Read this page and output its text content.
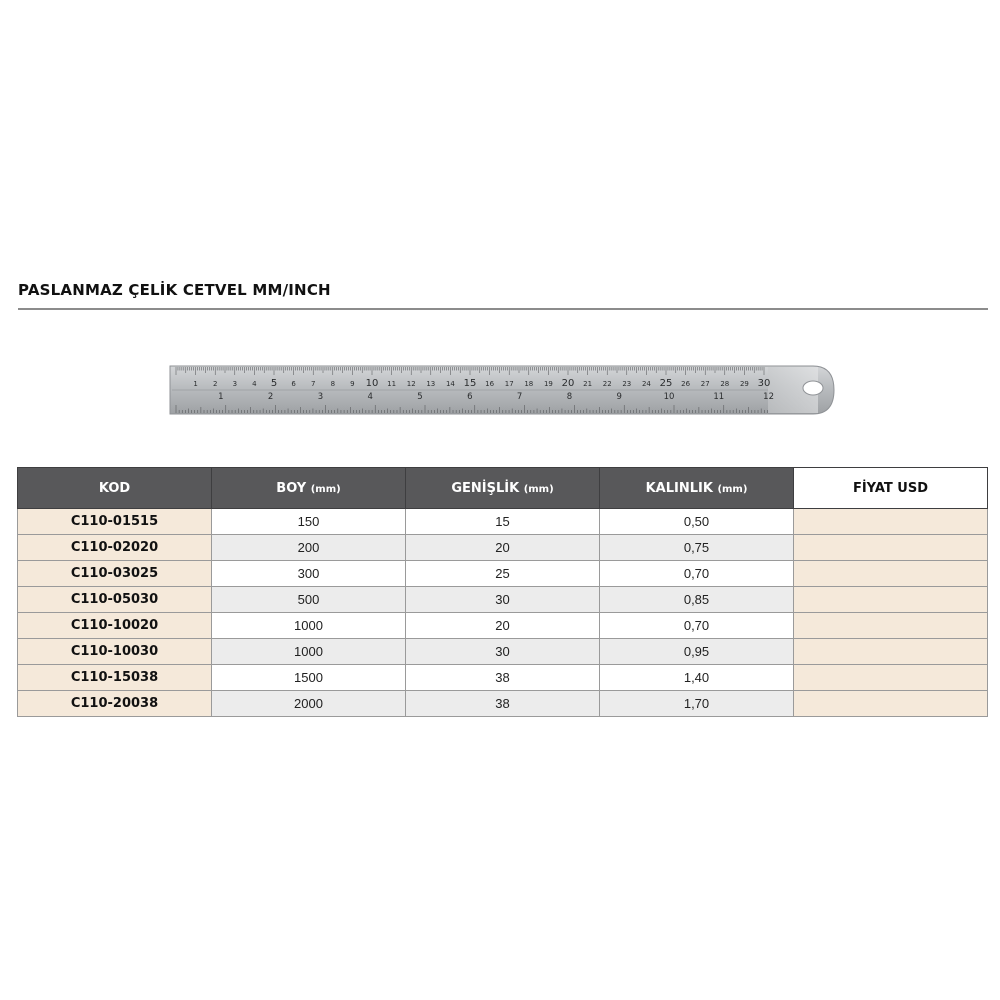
PASLANMAZ ÇELİK CETVEL MM/INCH
1 2 3 4 5 6 7 8 9 10 11 12 13 14 15 16 17 18 19 20 21 22 23 24 25 26 27 28 29 30
1	2	3	4	5	6	7	8	9	10	11	12
KOD	BOY (mm)	GENİŞLİK (mm)	KALINLIK (mm)	FİYAT USD
C110-01515	150	15	0,50	
C110-02020	200	20	0,75	
C110-03025	300	25	0,70	
C110-05030	500	30	0,85	
C110-10020	1000	20	0,70	
C110-10030	1000	30	0,95	
C110-15038	1500	38	1,40	
C110-20038	2000	38	1,70	
